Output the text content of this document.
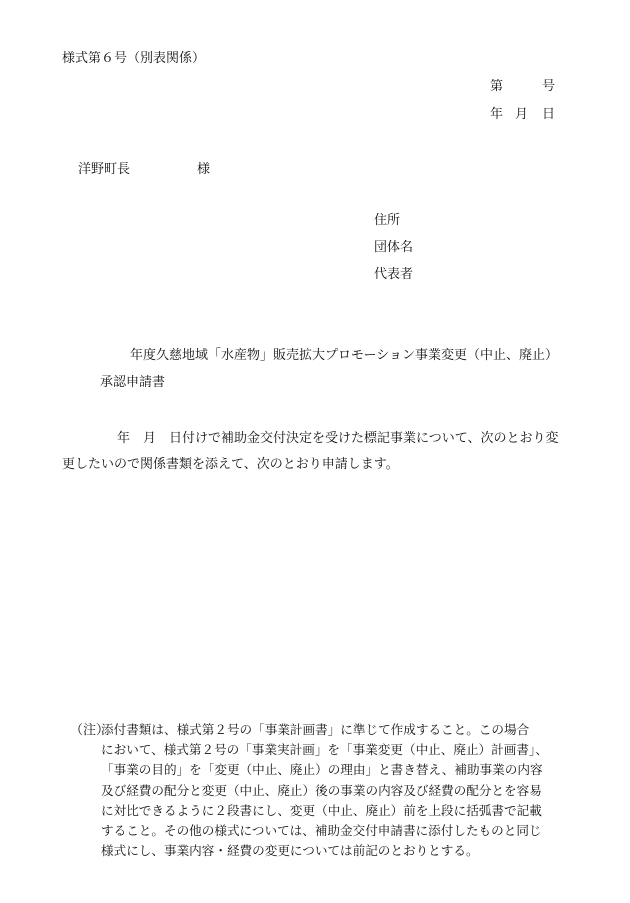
様式第６号（別表関係）
第	号
年 月 日
洋野町長	様
住所
団体名
代表者
年度久慈地域「水産物」販売拡大プロモーション事業変更（中止、廃止）
承認申請書
年　月　日付けで補助金交付決定を受けた標記事業について、次のとおり変
更したいので関係書類を添えて、次のとおり申請します。
（注）
添付書類は、様式第２号の「事業計画書」に準じて作成すること。この場合
において、様式第２号の「事業実計画」を「事業変更（中止、廃止）計画書」、
「事業の目的」を「変更（中止、廃止）の理由」と書き替え、補助事業の内容
及び経費の配分と変更（中止、廃止）後の事業の内容及び経費の配分とを容易
に対比できるように２段書にし、変更（中止、廃止）前を上段に括弧書で記載
すること。その他の様式については、補助金交付申請書に添付したものと同じ
様式にし、事業内容・経費の変更については前記のとおりとする。
